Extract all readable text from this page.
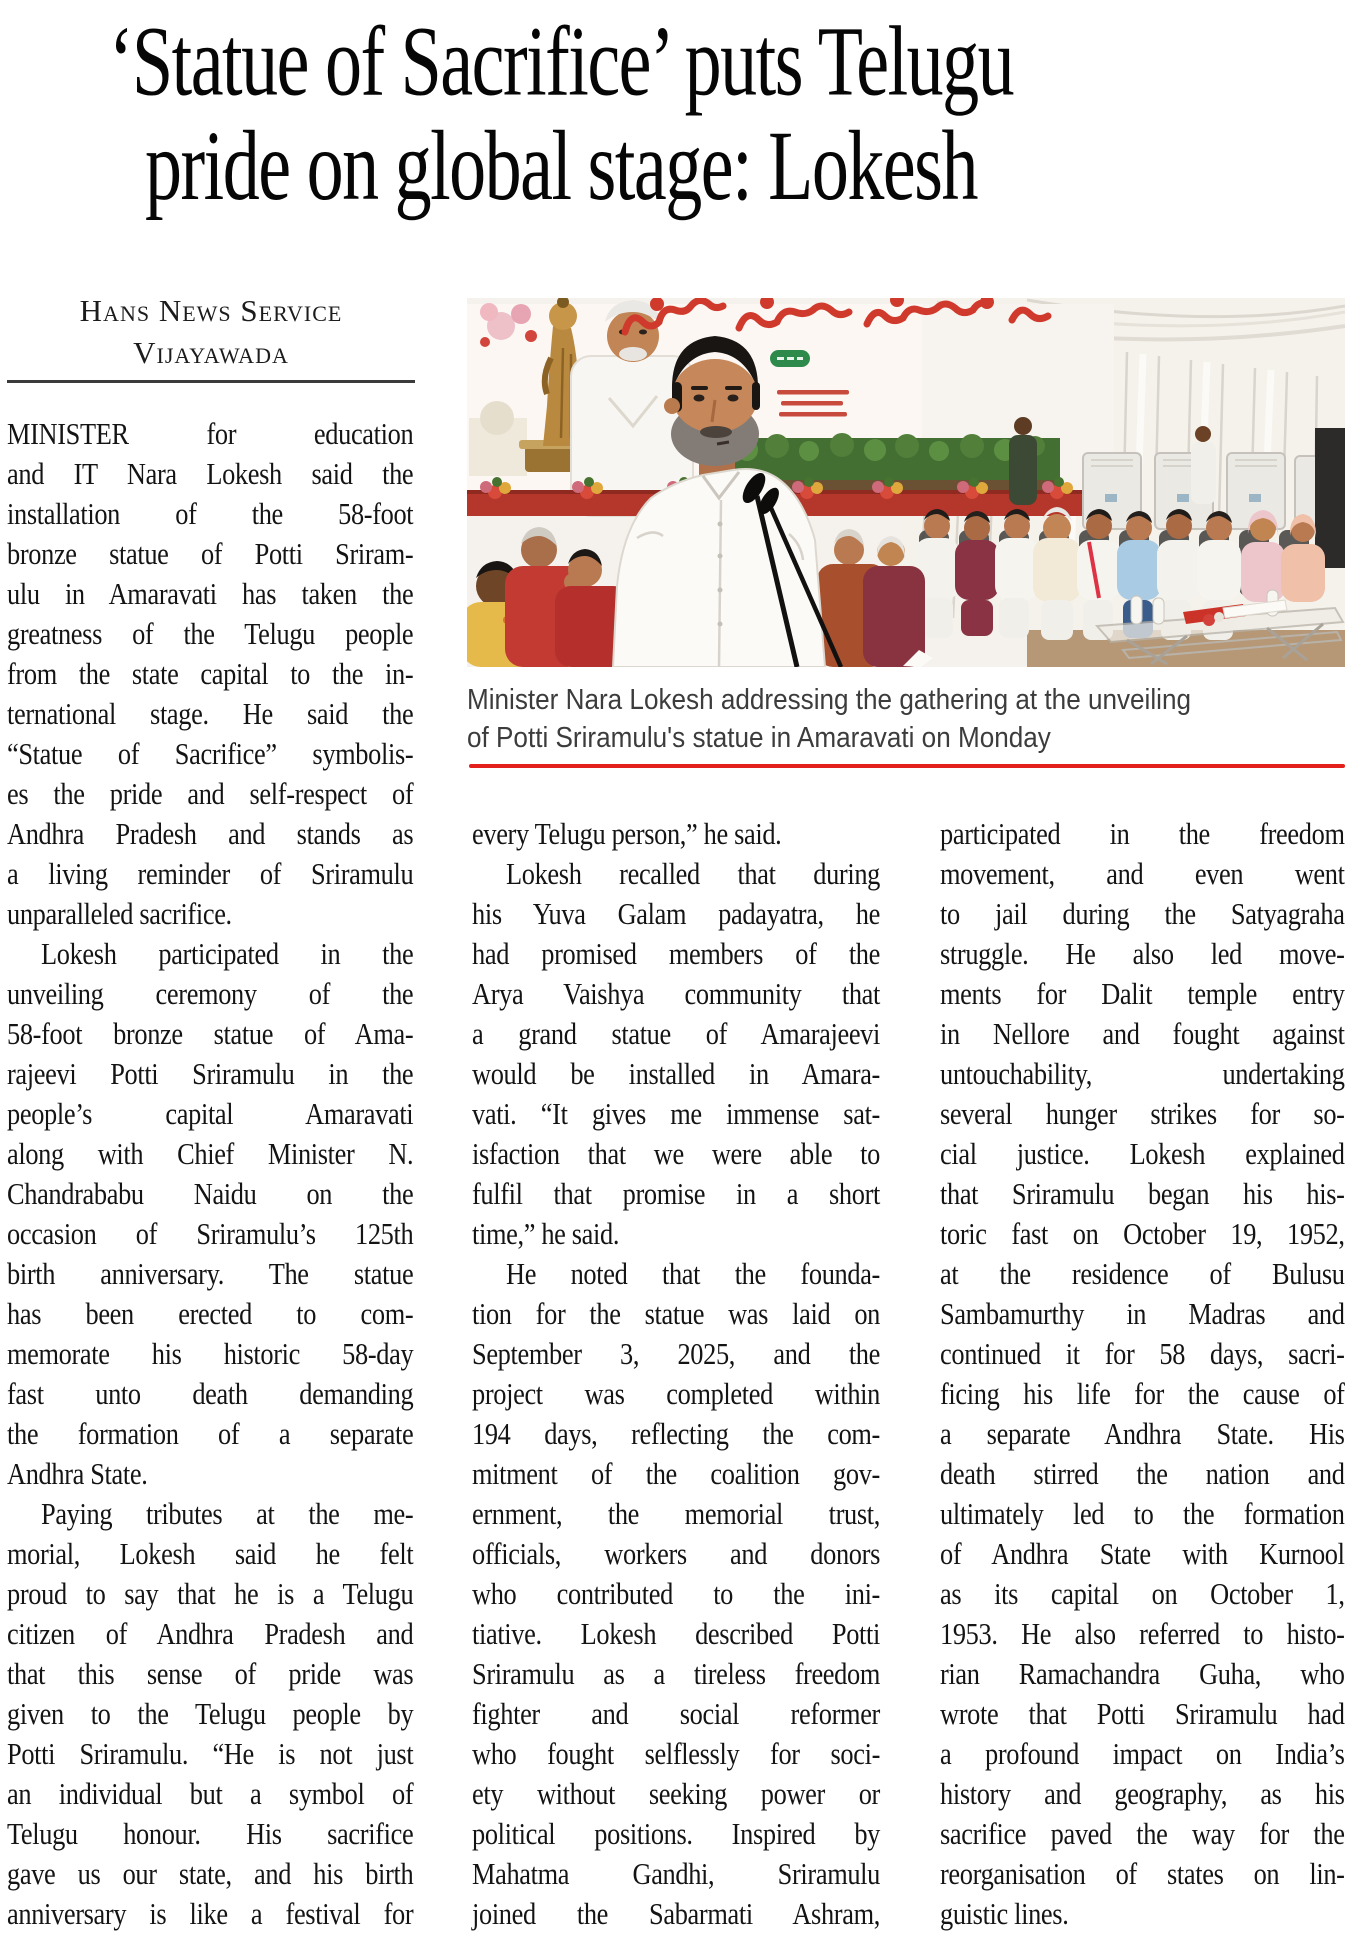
‘Statue of Sacrifice’ puts Telugu
pride on global stage: Lokesh
Hans News Service
Vijayawada
Minister Nara Lokesh addressing the gathering at the unveiling
of Potti Sriramulu's statue in Amaravati on Monday
MINISTER for education
and IT Nara Lokesh said the
installation of the 58-foot
bronze statue of Potti Sriram-
ulu in Amaravati has taken the
greatness of the Telugu people
from the state capital to the in-
ternational stage. He said the
“Statue of Sacrifice” symbolis-
es the pride and self-respect of
Andhra Pradesh and stands as
a living reminder of Sriramulu
unparalleled sacrifice.
Lokesh participated in the
unveiling ceremony of the
58-foot bronze statue of Ama-
rajeevi Potti Sriramulu in the
people’s capital Amaravati
along with Chief Minister N.
Chandrababu Naidu on the
occasion of Sriramulu’s 125th
birth anniversary. The statue
has been erected to com-
memorate his historic 58-day
fast unto death demanding
the formation of a separate
Andhra State.
Paying tributes at the me-
morial, Lokesh said he felt
proud to say that he is a Telugu
citizen of Andhra Pradesh and
that this sense of pride was
given to the Telugu people by
Potti Sriramulu. “He is not just
an individual but a symbol of
Telugu honour. His sacrifice
gave us our state, and his birth
anniversary is like a festival for
every Telugu person,” he said.
Lokesh recalled that during
his Yuva Galam padayatra, he
had promised members of the
Arya Vaishya community that
a grand statue of Amarajeevi
would be installed in Amara-
vati. “It gives me immense sat-
isfaction that we were able to
fulfil that promise in a short
time,” he said.
He noted that the founda-
tion for the statue was laid on
September 3, 2025, and the
project was completed within
194 days, reflecting the com-
mitment of the coalition gov-
ernment, the memorial trust,
officials, workers and donors
who contributed to the ini-
tiative. Lokesh described Potti
Sriramulu as a tireless freedom
fighter and social reformer
who fought selflessly for soci-
ety without seeking power or
political positions. Inspired by
Mahatma Gandhi, Sriramulu
joined the Sabarmati Ashram,
participated in the freedom
movement, and even went
to jail during the Satyagraha
struggle. He also led move-
ments for Dalit temple entry
in Nellore and fought against
untouchability, undertaking
several hunger strikes for so-
cial justice. Lokesh explained
that Sriramulu began his his-
toric fast on October 19, 1952,
at the residence of Bulusu
Sambamurthy in Madras and
continued it for 58 days, sacri-
ficing his life for the cause of
a separate Andhra State. His
death stirred the nation and
ultimately led to the formation
of Andhra State with Kurnool
as its capital on October 1,
1953. He also referred to histo-
rian Ramachandra Guha, who
wrote that Potti Sriramulu had
a profound impact on India’s
history and geography, as his
sacrifice paved the way for the
reorganisation of states on lin-
guistic lines.
